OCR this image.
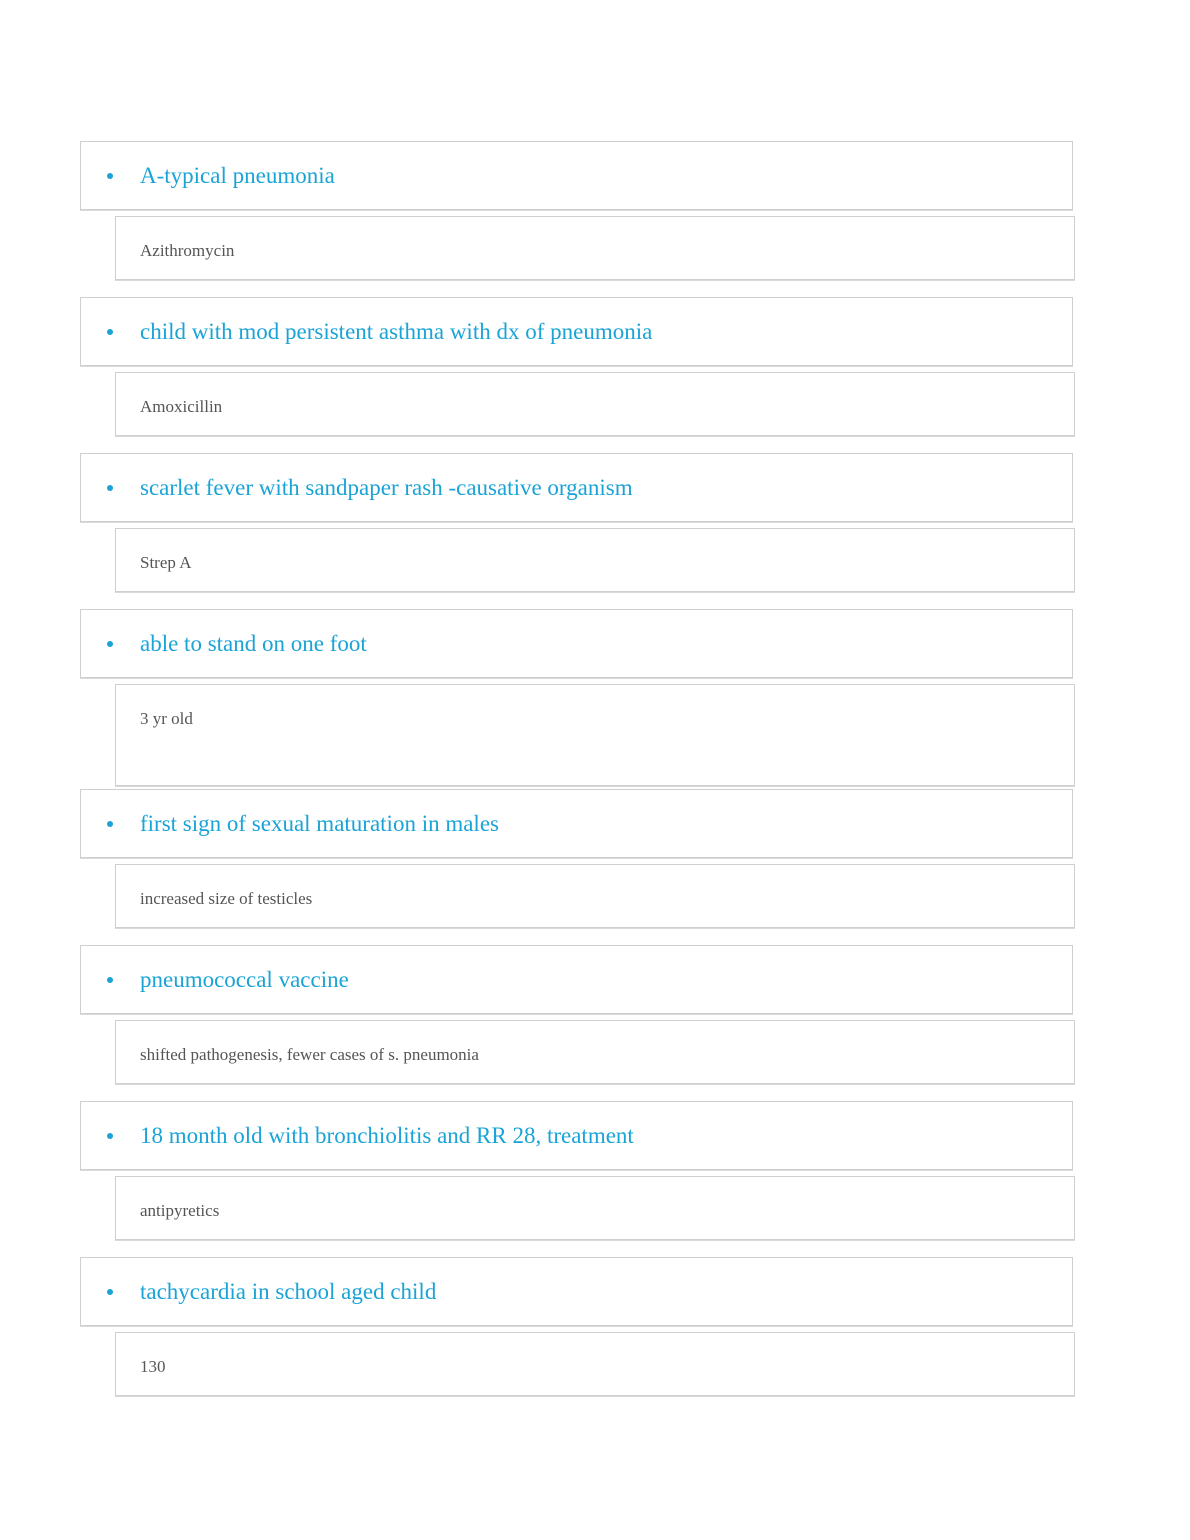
A-typical pneumonia
Azithromycin
child with mod persistent asthma with dx of pneumonia
Amoxicillin
scarlet fever with sandpaper rash -causative organism
Strep A
able to stand on one foot
3 yr old
first sign of sexual maturation in males
increased size of testicles
pneumococcal vaccine
shifted pathogenesis, fewer cases of s. pneumonia
18 month old with bronchiolitis and RR 28, treatment
antipyretics
tachycardia in school aged child
130
